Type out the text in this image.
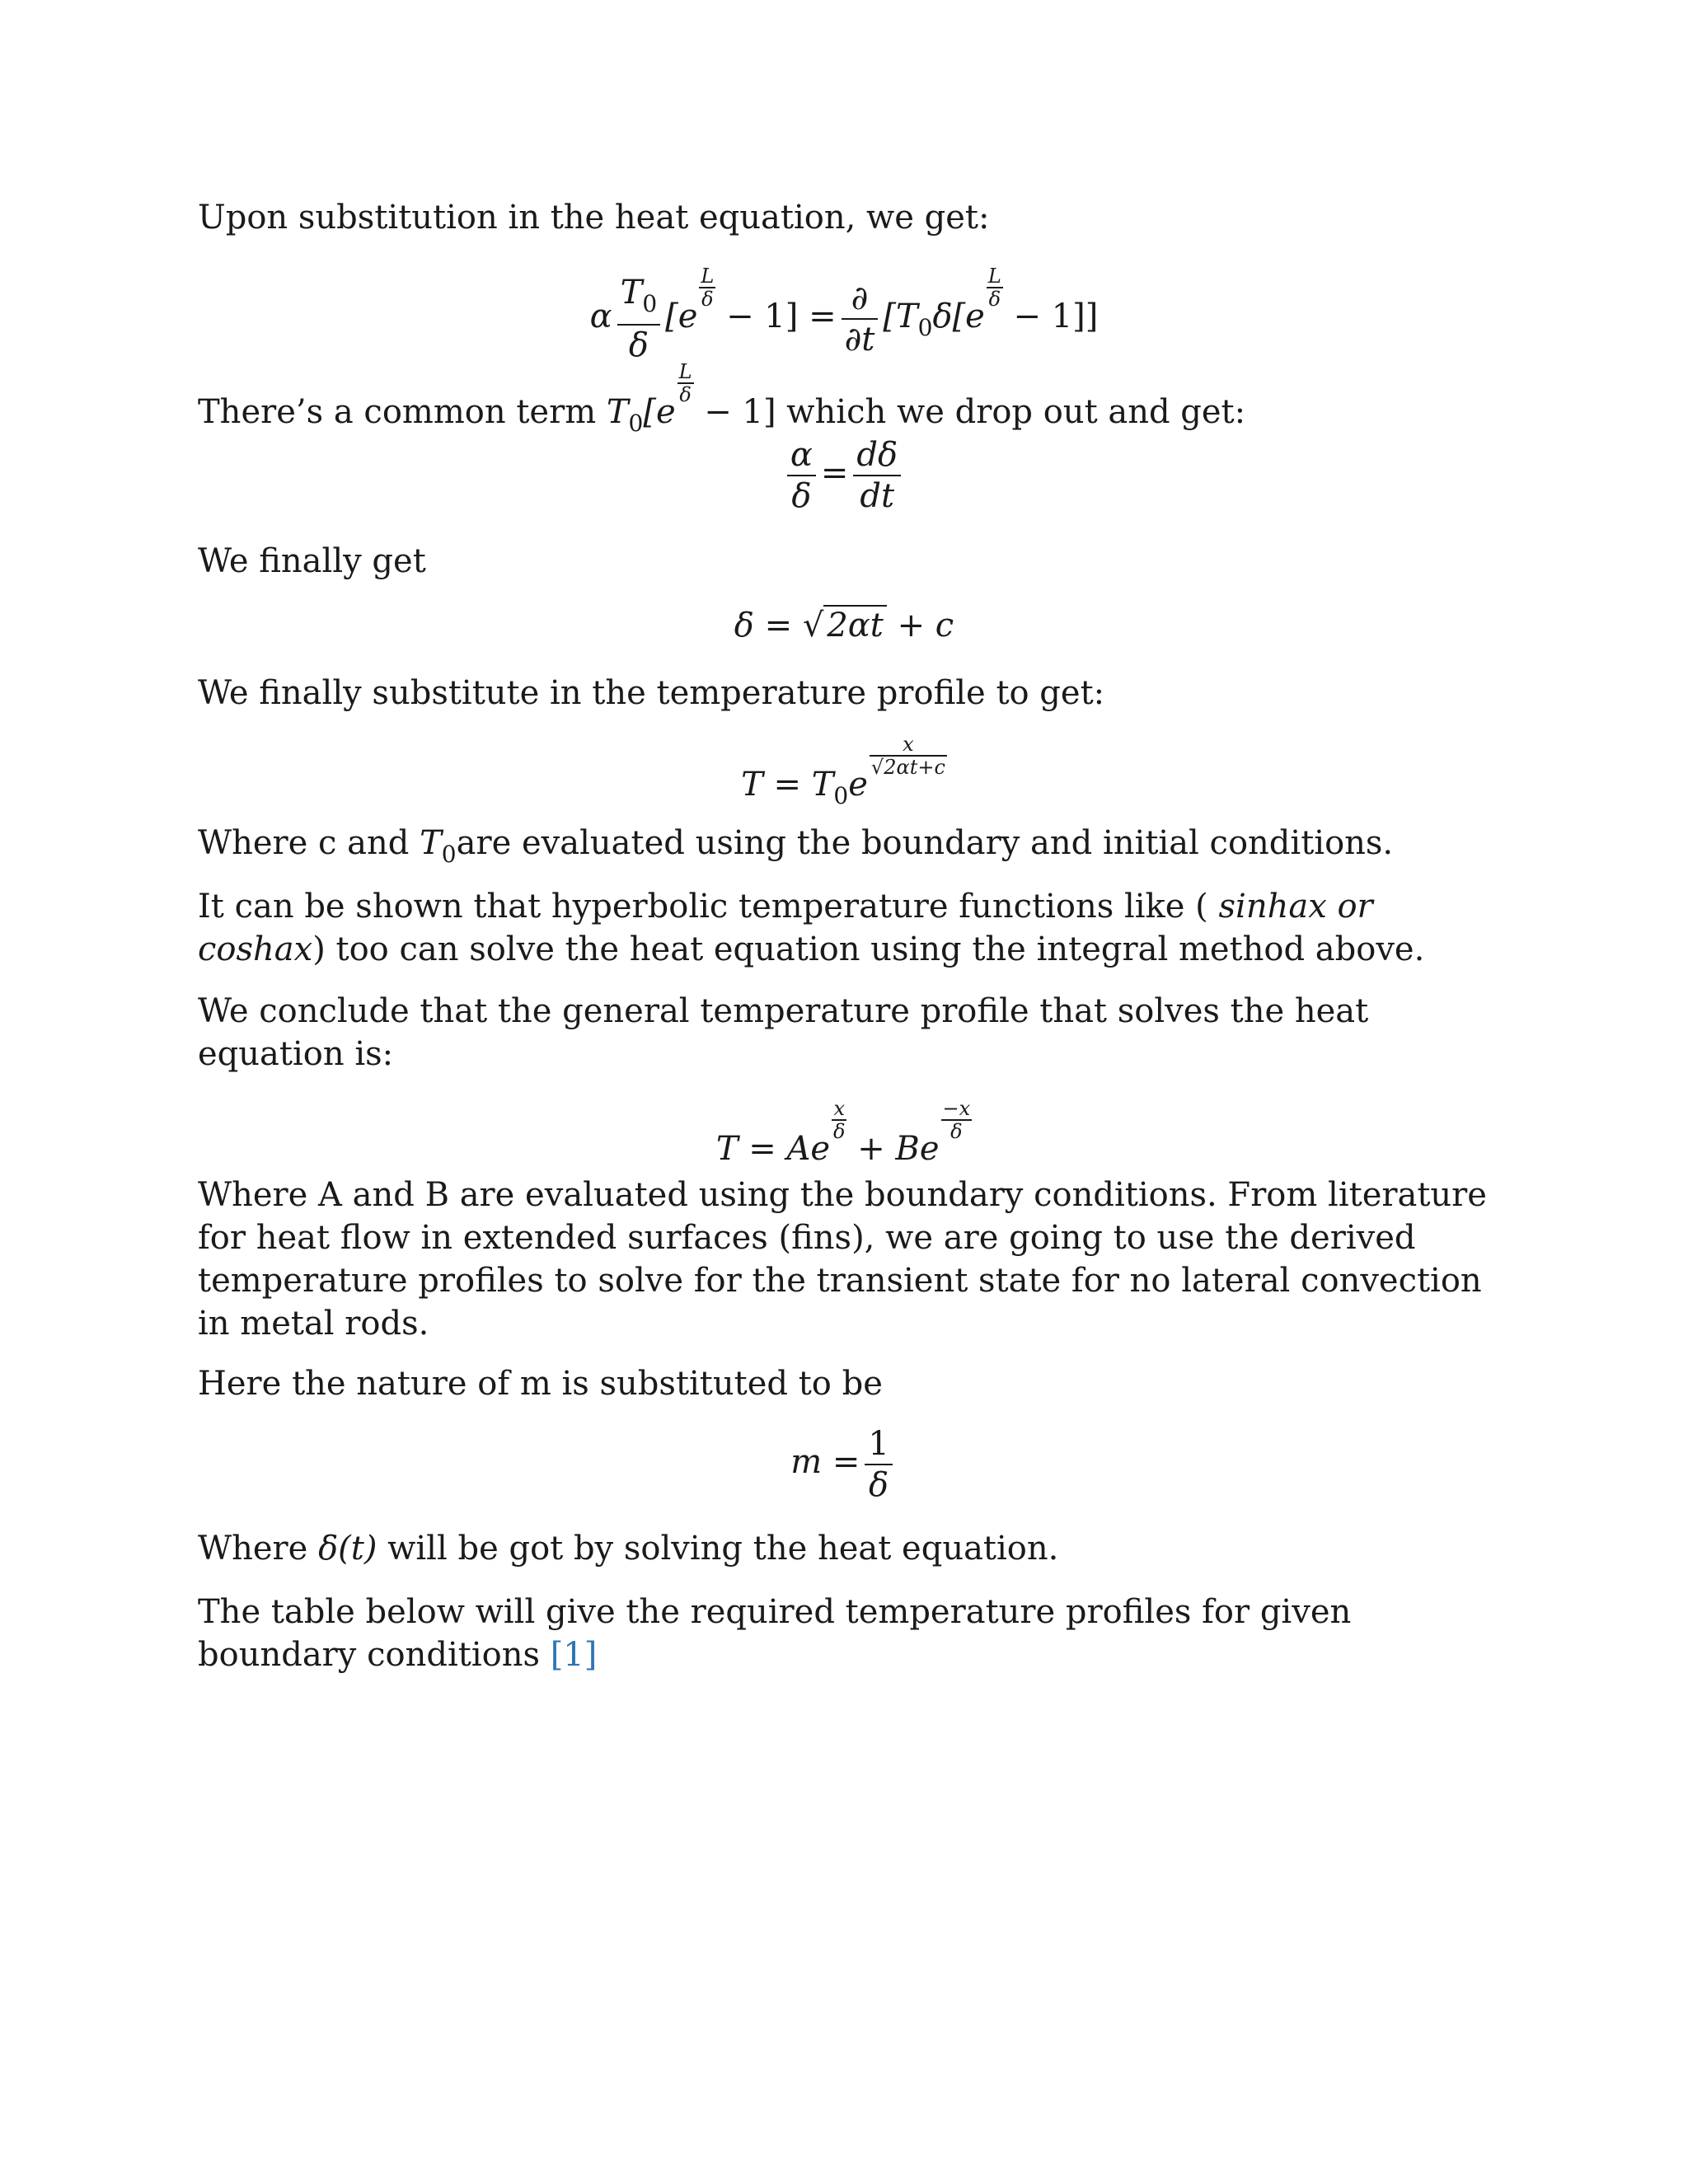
Upon substitution in the heat equation, we get:

α $\frac{T_0}{\delta} [e$
$\frac{L}{\delta}$
− $1] = \frac{\partial}{\partial t} [T_0\delta[e$
$\frac{L}{\delta}$
− 1]]

There’s a common term $T_0[e$
$\frac{L}{\delta}$
− 1] which we drop out and get:

$\frac{\alpha}{\delta} = \frac{d\delta}{dt}$

We finally get

δ = √ 2αt + c

We finally substitute in the temperature profile to get:

$T = T_0e$
$\frac{x}{√2\alpha t+c}$

Where c and $T_0are$ evaluated using the boundary and initial conditions.

It can be shown that hyperbolic temperature functions like ( sinhax or coshax) too can solve the heat equation using the integral method above.

We conclude that the general temperature profile that solves the heat equation is:

T = Ae
$\frac{x}{\delta}$
+ Be
$\frac{-x}{\delta}$

Where A and B are evaluated using the boundary conditions. From literature for heat flow in extended surfaces (fins), we are going to use the derived temperature profiles to solve for the transient state for no lateral convection in metal rods.

Here the nature of m is substituted to be

$m = \frac{1}{\delta}$

Where δ(t) will be got by solving the heat equation.

The table below will give the required temperature profiles for given boundary conditions [1]
